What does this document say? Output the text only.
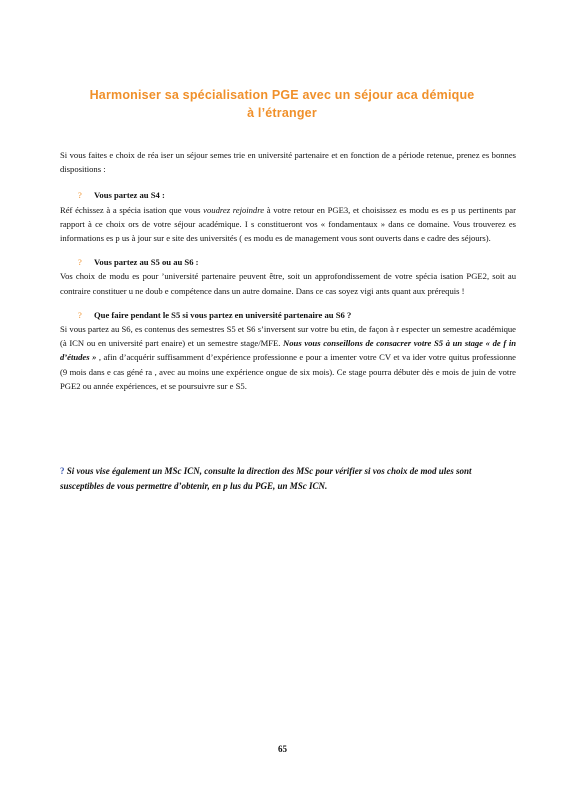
Harmoniser sa spécialisation PGE avec un séjour aca démique
à l’étranger

Si vous faites e choix de réa iser un séjour semes trie en université partenaire et en fonction de a période retenue, prenez es bonnes dispositions :

? Vous partez au S4 :

Réf échissez à a spécia isation que vous voudrez rejoindre à votre retour en PGE3, et choisissez es modu es es p us pertinents par rapport à ce choix ors de votre séjour académique. I s constitueront vos « fondamentaux » dans ce domaine. Vous trouverez es informations es p us à jour sur e site des universités ( es modu es de management vous sont ouverts dans e cadre des séjours).

? Vous partez au S5 ou au S6 :

Vos choix de modu es pour ’université partenaire peuvent être, soit un approfondissement de votre spécia isation PGE2, soit au contraire constituer u ne doub e compétence dans un autre domaine. Dans ce cas soyez vigi ants quant aux prérequis !

? Que faire pendant le S5 si vous partez en université partenaire au S6 ?

Si vous partez au S6, es contenus des semestres S5 et S6 s’inversent sur votre bu etin, de façon à r especter un semestre académique (à ICN ou en université part enaire) et un semestre stage/MFE. Nous vous conseillons de consacrer votre S5 à un stage « de f in d’études » , afin d’acquérir suffisamment d’expérience professionne e pour a imenter votre CV et va ider votre quitus professionne (9 mois dans e cas géné ra , avec au moins une expérience ongue de six mois). Ce stage pourra débuter dès e mois de juin de votre PGE2 ou année expériences, et se poursuivre sur e S5.

? Si vous vise également un MSc ICN, consulte la direction des MSc pour vérifier si vos choix de mod ules sont susceptibles de vous permettre d’obtenir, en p lus du PGE, un MSc ICN.
65
